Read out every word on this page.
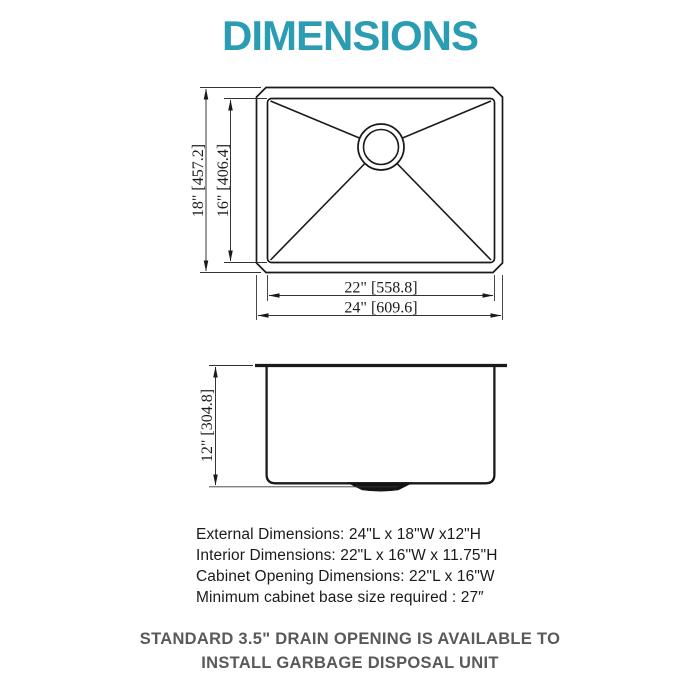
DIMENSIONS
18" [457.2] 16" [406.4]
22" [558.8]
24" [609.6]
12" [304.8]
External Dimensions: 24"L x 18"W x12"H
Interior Dimensions: 22"L x 16"W x 11.75"H
Cabinet Opening Dimensions: 22"L x 16"W
Minimum cabinet base size required : 27″
STANDARD 3.5" DRAIN OPENING IS AVAILABLE TO
INSTALL GARBAGE DISPOSAL UNIT
